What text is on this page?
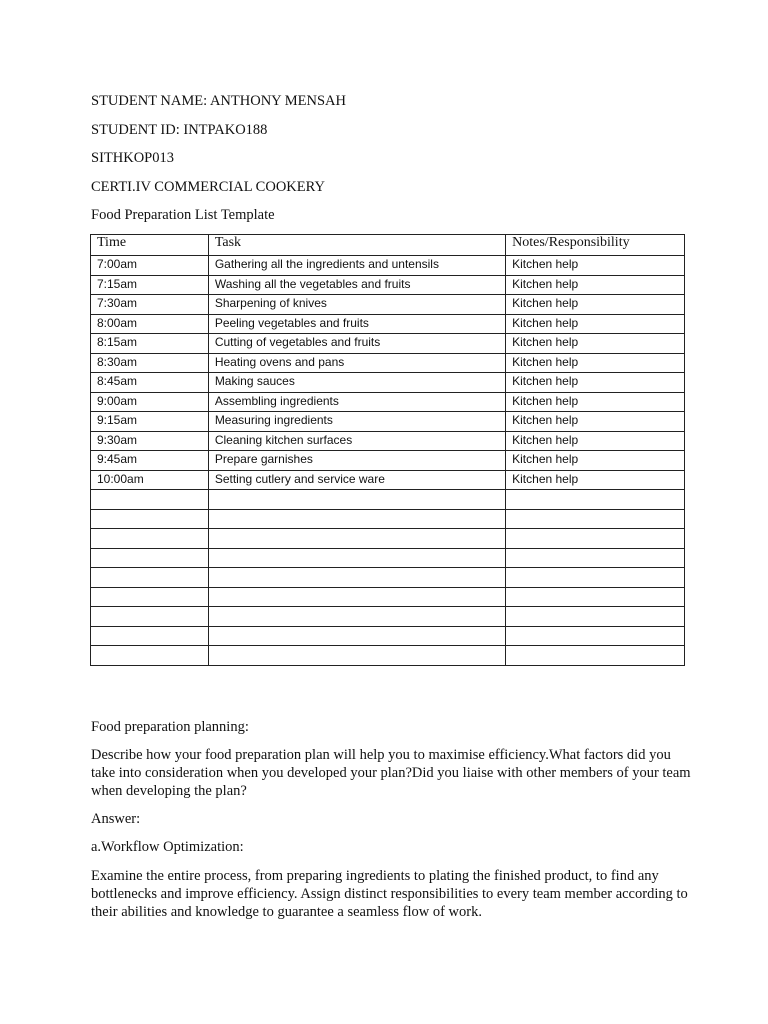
STUDENT NAME: ANTHONY MENSAH
STUDENT ID: INTPAKO188
SITHKOP013
CERTI.IV COMMERCIAL COOKERY
Food Preparation List Template
Time	Task	Notes/Responsibility
7:00am	Gathering all the ingredients and untensils	Kitchen help
7:15am	Washing all the vegetables and fruits	Kitchen help
7:30am	Sharpening of knives	Kitchen help
8:00am	Peeling vegetables and fruits	Kitchen help
8:15am	Cutting of vegetables and fruits	Kitchen help
8:30am	Heating ovens and pans	Kitchen help
8:45am	Making sauces	Kitchen help
9:00am	Assembling ingredients	Kitchen help
9:15am	Measuring ingredients	Kitchen help
9:30am	Cleaning kitchen surfaces	Kitchen help
9:45am	Prepare garnishes	Kitchen help
10:00am	Setting cutlery and service ware	Kitchen help

Food preparation planning:
Describe how your food preparation plan will help you to maximise efficiency.What factors did you take into consideration when you developed your plan?Did you liaise with other members of your team when developing the plan?
Answer:
a.Workflow Optimization:
Examine the entire process, from preparing ingredients to plating the finished product, to find any bottlenecks and improve efficiency. Assign distinct responsibilities to every team member according to their abilities and knowledge to guarantee a seamless flow of work.
